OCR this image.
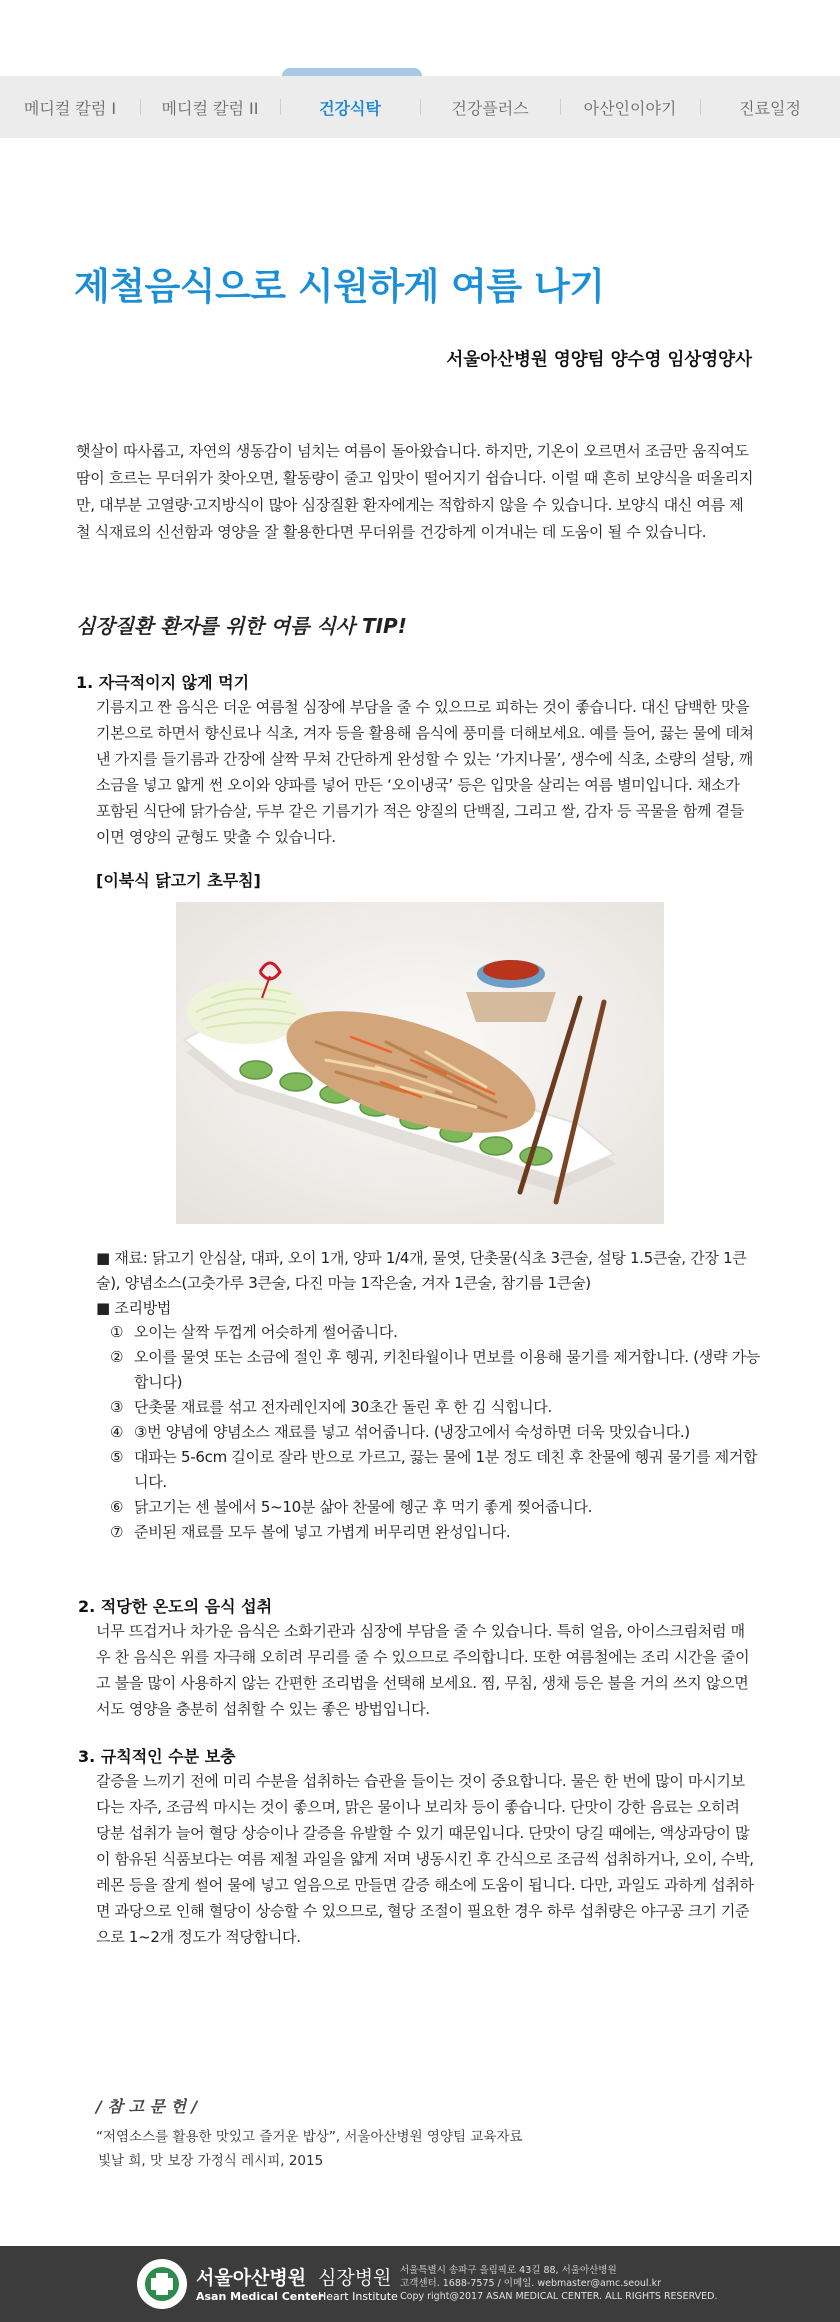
메디컬 칼럼 I	메디컬 칼럼 II	건강식탁	건강플러스	아산인이야기	진료일정
제철음식으로 시원하게 여름 나기
서울아산병원 영양팀 양수영 임상영양사

햇살이 따사롭고, 자연의 생동감이 넘치는 여름이 돌아왔습니다. 하지만, 기온이 오르면서 조금만 움직여도 땀이 흐르는 무더위가 찾아오면, 활동량이 줄고 입맛이 떨어지기 쉽습니다. 이럴 때 흔히 보양식을 떠올리지만, 대부분 고열량·고지방식이 많아 심장질환 환자에게는 적합하지 않을 수 있습니다. 보양식 대신 여름 제철 식재료의 신선함과 영양을 잘 활용한다면 무더위를 건강하게 이겨내는 데 도움이 될 수 있습니다.

심장질환 환자를 위한 여름 식사 TIP!
1. 자극적이지 않게 먹기

기름지고 짠 음식은 더운 여름철 심장에 부담을 줄 수 있으므로 피하는 것이 좋습니다. 대신 담백한 맛을 기본으로 하면서 향신료나 식초, 겨자 등을 활용해 음식에 풍미를 더해보세요. 예를 들어, 끓는 물에 데쳐낸 가지를 들기름과 간장에 살짝 무쳐 간단하게 완성할 수 있는 ‘가지나물’, 생수에 식초, 소량의 설탕, 깨소금을 넣고 얇게 썬 오이와 양파를 넣어 만든 ‘오이냉국’ 등은 입맛을 살리는 여름 별미입니다. 채소가 포함된 식단에 닭가슴살, 두부 같은 기름기가 적은 양질의 단백질, 그리고 쌀, 감자 등 곡물을 함께 곁들이면 영양의 균형도 맞출 수 있습니다.

[이북식 닭고기 초무침]
■ 재료: 닭고기 안심살, 대파, 오이 1개, 양파 1/4개, 물엿, 단촛물(식초 3큰술, 설탕 1.5큰술, 간장 1큰술), 양념소스(고춧가루 3큰술, 다진 마늘 1작은술, 겨자 1큰술, 참기름 1큰술)
■ 조리방법
① 오이는 살짝 두껍게 어슷하게 썰어줍니다.
② 오이를 물엿 또는 소금에 절인 후 헹궈, 키친타월이나 면보를 이용해 물기를 제거합니다. (생략 가능합니다)
③ 단촛물 재료를 섞고 전자레인지에 30초간 돌린 후 한 김 식힙니다.
④ ③번 양념에 양념소스 재료를 넣고 섞어줍니다. (냉장고에서 숙성하면 더욱 맛있습니다.)
⑤ 대파는 5-6cm 길이로 잘라 반으로 가르고, 끓는 물에 1분 정도 데친 후 찬물에 헹궈 물기를 제거합니다.
⑥ 닭고기는 센 불에서 5~10분 삶아 찬물에 헹군 후 먹기 좋게 찢어줍니다.
⑦ 준비된 재료를 모두 볼에 넣고 가볍게 버무리면 완성입니다.
2. 적당한 온도의 음식 섭취

너무 뜨겁거나 차가운 음식은 소화기관과 심장에 부담을 줄 수 있습니다. 특히 얼음, 아이스크림처럼 매우 찬 음식은 위를 자극해 오히려 무리를 줄 수 있으므로 주의합니다. 또한 여름철에는 조리 시간을 줄이고 불을 많이 사용하지 않는 간편한 조리법을 선택해 보세요. 찜, 무침, 생채 등은 불을 거의 쓰지 않으면서도 영양을 충분히 섭취할 수 있는 좋은 방법입니다.

3. 규칙적인 수분 보충

갈증을 느끼기 전에 미리 수분을 섭취하는 습관을 들이는 것이 중요합니다. 물은 한 번에 많이 마시기보다는 자주, 조금씩 마시는 것이 좋으며, 맑은 물이나 보리차 등이 좋습니다. 단맛이 강한 음료는 오히려 당분 섭취가 늘어 혈당 상승이나 갈증을 유발할 수 있기 때문입니다. 단맛이 당길 때에는, 액상과당이 많이 함유된 식품보다는 여름 제철 과일을 얇게 저며 냉동시킨 후 간식으로 조금씩 섭취하거나, 오이, 수박, 레몬 등을 잘게 썰어 물에 넣고 얼음으로 만들면 갈증 해소에 도움이 됩니다. 다만, 과일도 과하게 섭취하면 과당으로 인해 혈당이 상승할 수 있으므로, 혈당 조절이 필요한 경우 하루 섭취량은 야구공 크기 기준으로 1~2개 정도가 적당합니다.

/ 참 고 문 헌 /
“저염소스를 활용한 맛있고 즐거운 밥상”, 서울아산병원 영양팀 교육자료
빛날 희, 맛 보장 가정식 레시피, 2015
서울아산병원
Asan Medical Center
심장병원
Heart Institute
서울특별시 송파구 올림픽로 43길 88, 서울아산병원
고객센터. 1688-7575 / 이메일. webmaster@amc.seoul.kr
Copy right@2017 ASAN MEDICAL CENTER. ALL RIGHTS RESERVED.
